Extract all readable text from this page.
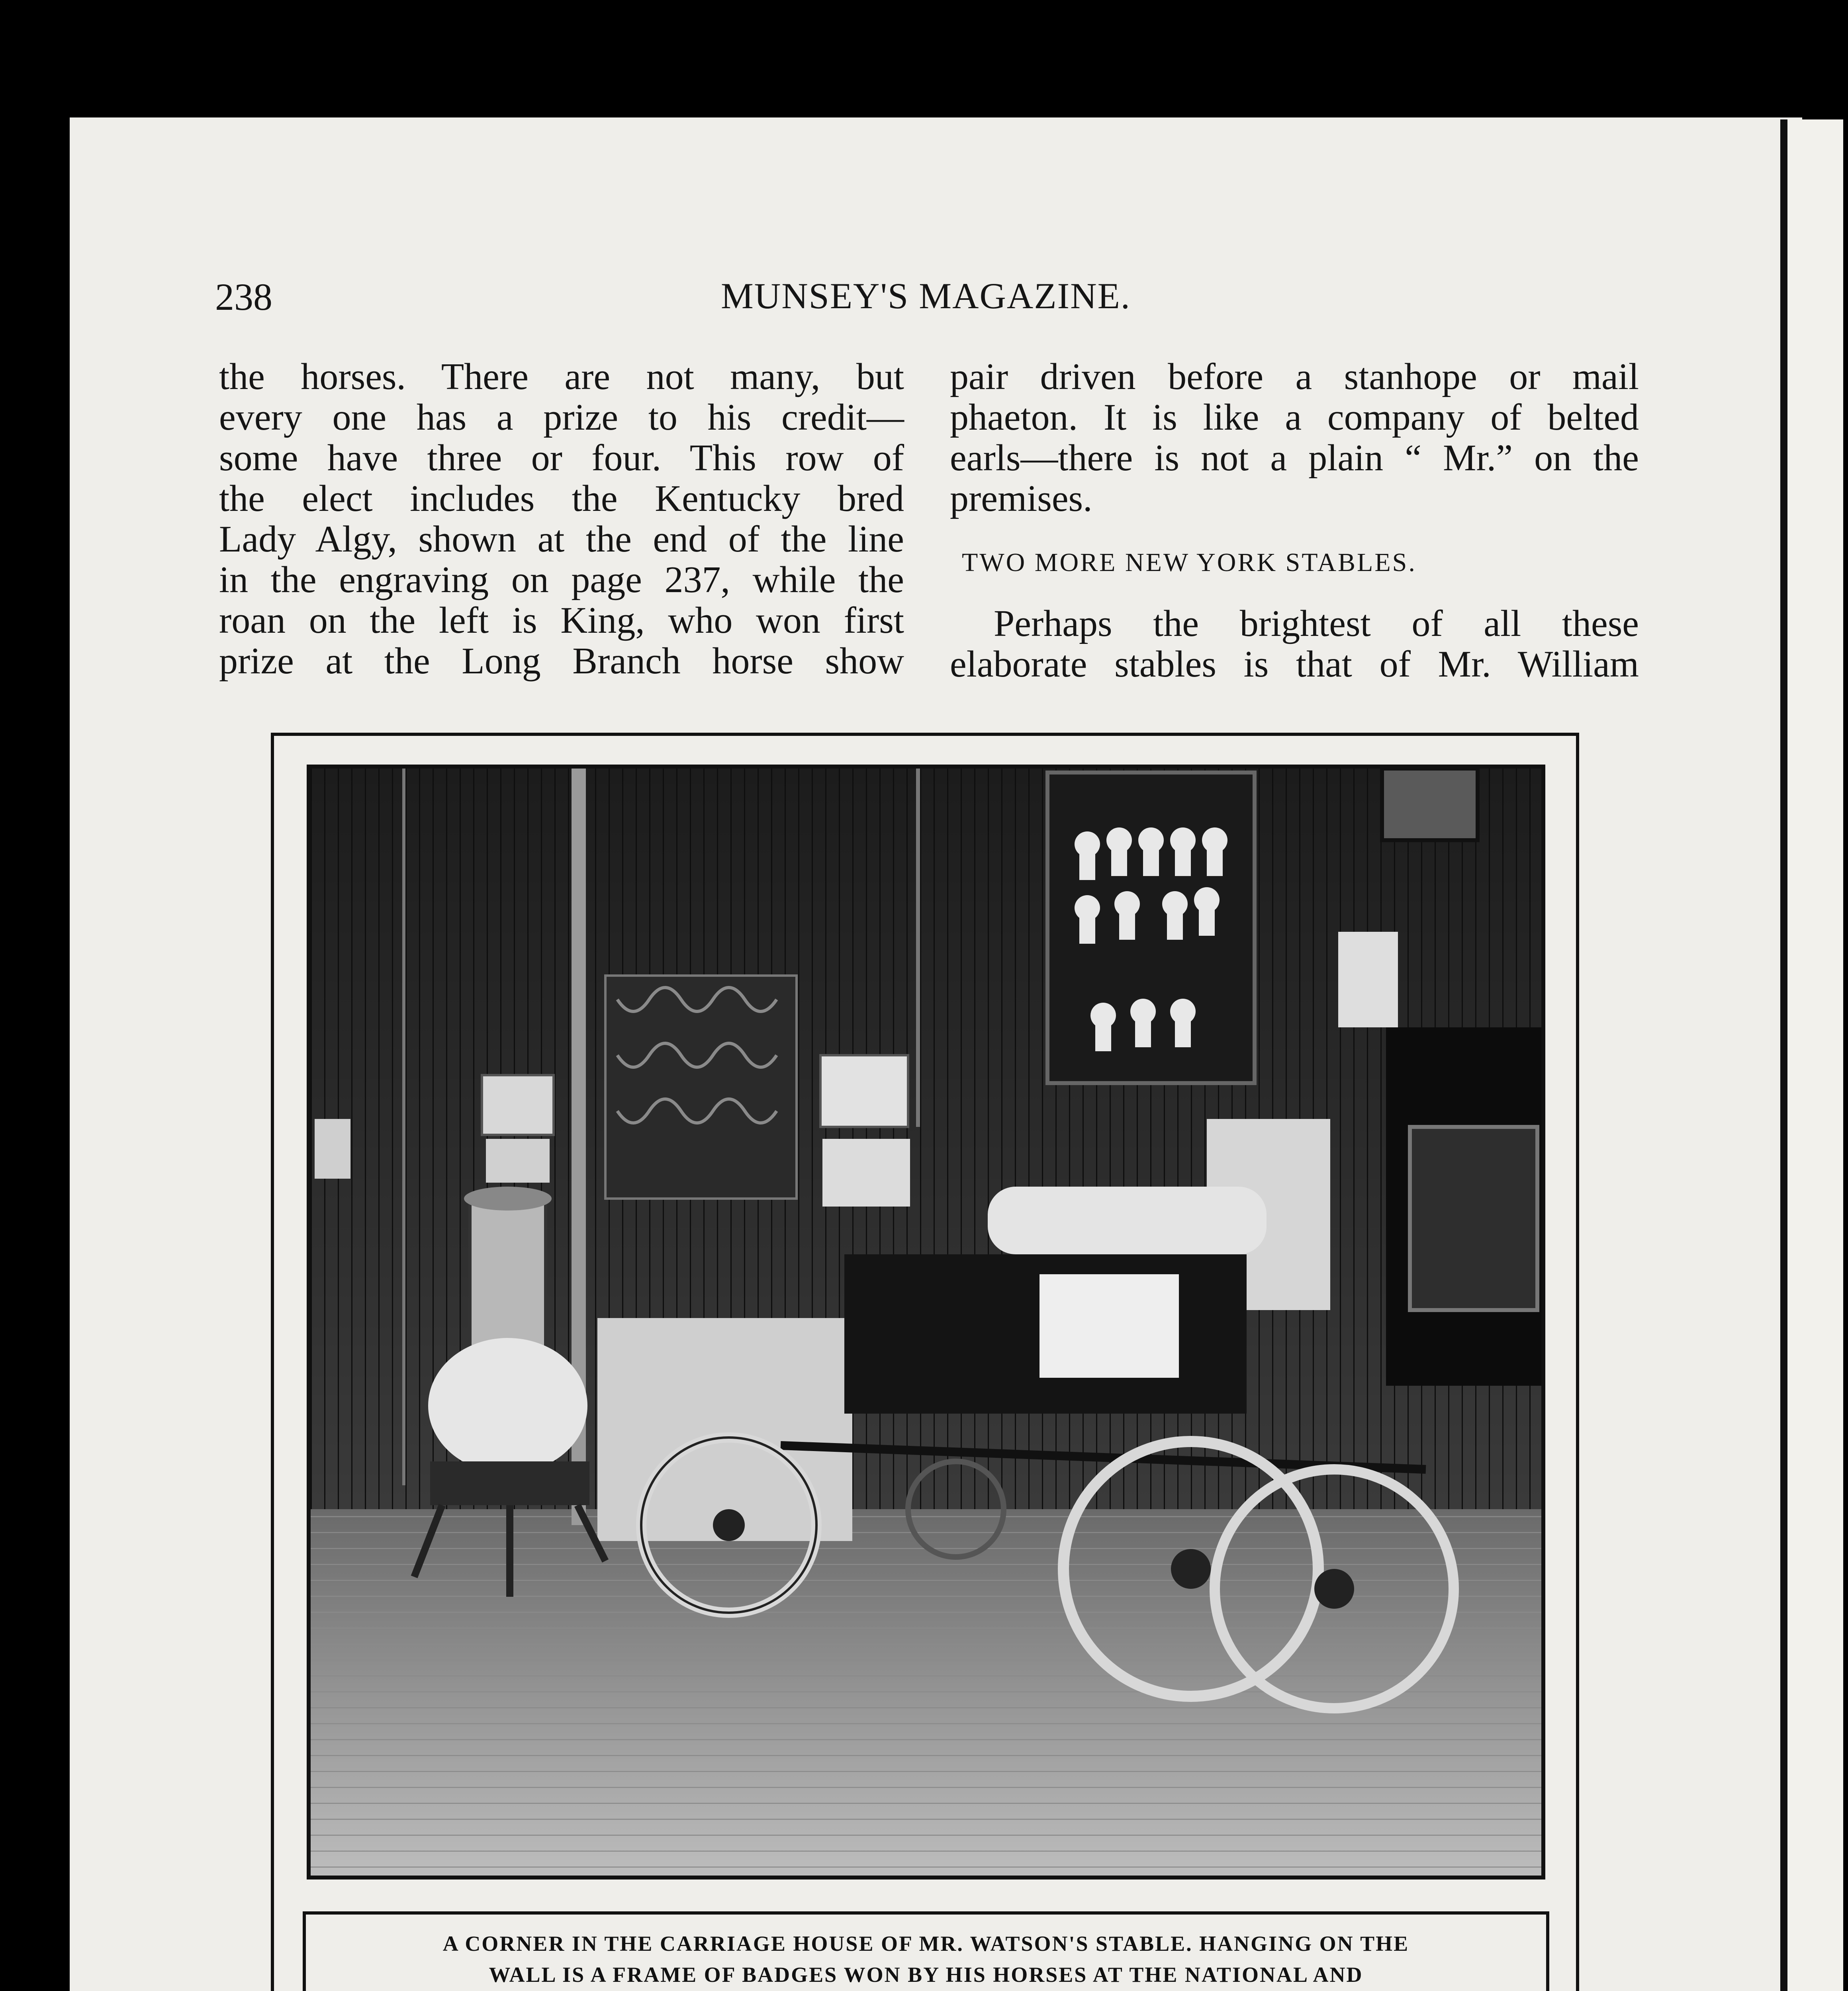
238	MUNSEY'S MAGAZINE.
the horses. There are not many, but
every one has a prize to his credit—
some have three or four. This row of
the elect includes the Kentucky bred
Lady Algy, shown at the end of the line
in the engraving on page 237, while the
roan on the left is King, who won first
prize at the Long Branch horse show
pair driven before a stanhope or mail
phaeton. It is like a company of belted
earls—there is not a plain “ Mr.” on the
premises.
TWO MORE NEW YORK STABLES.
Perhaps the brightest of all these
elaborate stables is that of Mr. William
A CORNER IN THE CARRIAGE HOUSE OF MR. WATSON'S STABLE. HANGING ON THE
WALL IS A FRAME OF BADGES WON BY HIS HORSES AT THE NATIONAL AND
